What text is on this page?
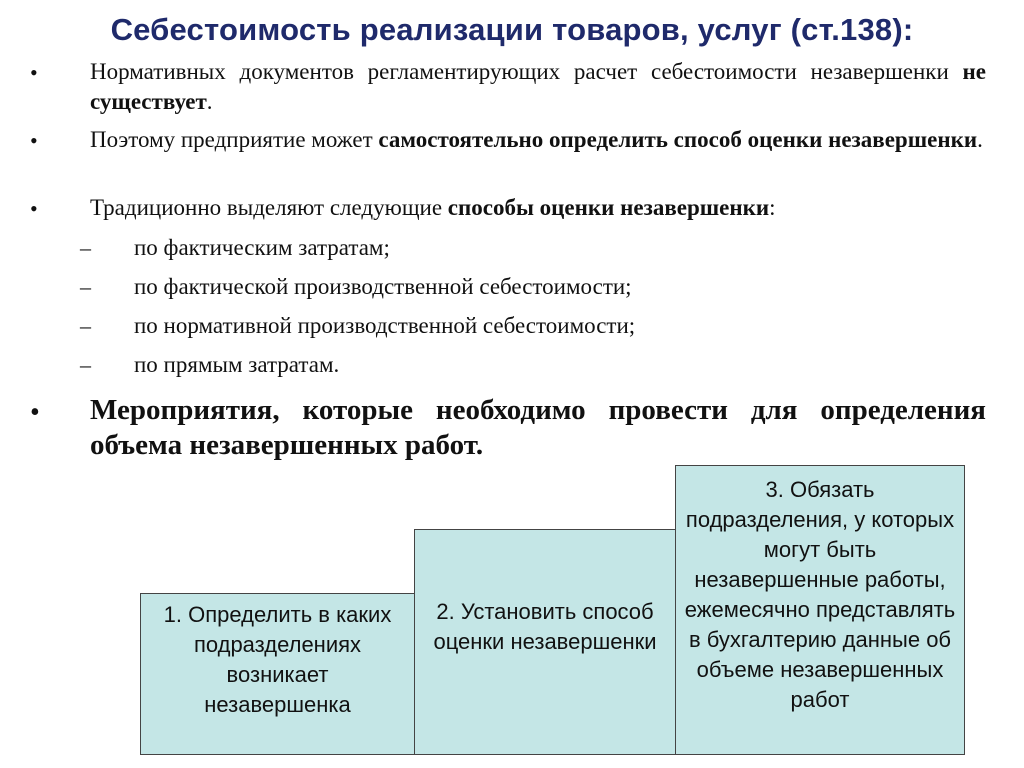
Себестоимость реализации товаров, услуг (ст.138):
• Нормативных документов регламентирующих расчет себестоимости незавершенки не существует.
• Поэтому предприятие может самостоятельно определить способ оценки незавершенки.
• Традиционно выделяют следующие способы оценки незавершенки:
– по фактическим затратам;
– по фактической производственной себестоимости;
– по нормативной производственной себестоимости;
– по прямым затратам.
• Мероприятия, которые необходимо провести для определения объема незавершенных работ.
1. Определить в каких подразделениях возникает незавершенка
2. Установить способ оценки незавершенки
3. Обязать подразделения, у которых могут быть незавершенные работы, ежемесячно представлять в бухгалтерию данные об объеме незавершенных работ
